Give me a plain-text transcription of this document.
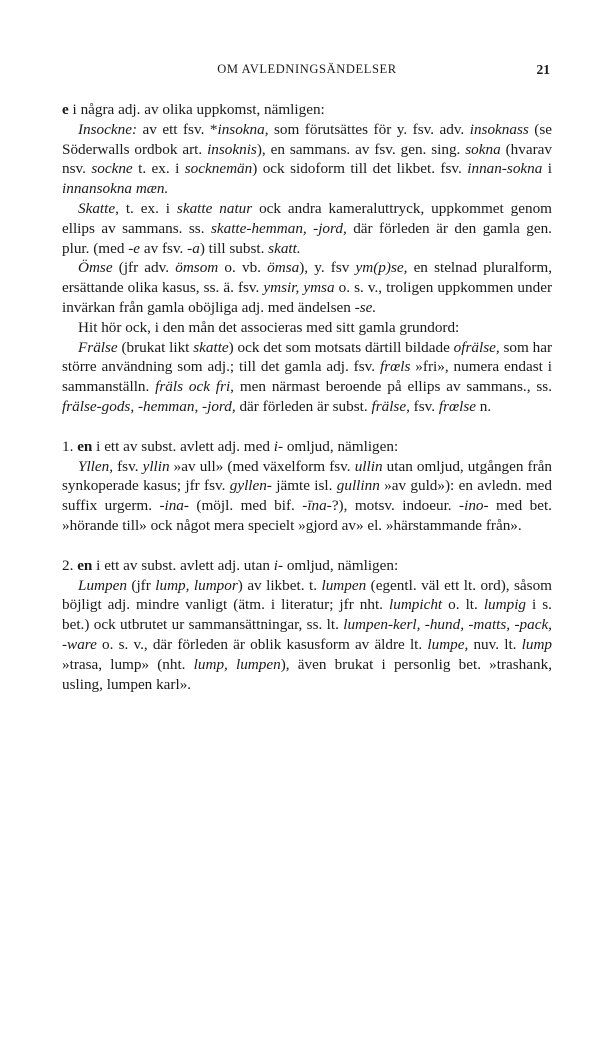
OM AVLEDNINGSÄNDELSER	21

e i några adj. av olika uppkomst, nämligen:

Insockne: av ett fsv. *insokna, som förutsättes för y. fsv. adv. insoknass (se Söderwalls ordbok art. insoknis), en sammans. av fsv. gen. sing. sokna (hvarav nsv. sockne t. ex. i socknemän) ock sidoform till det likbet. fsv. innan-sokna i innansokna mæn.

Skatte, t. ex. i skatte natur ock andra kameraluttryck, uppkommet genom ellips av sammans. ss. skatte-hemman, -jord, där förleden är den gamla gen. plur. (med -e av fsv. -a) till subst. skatt.

Ömse (jfr adv. ömsom o. vb. ömsa), y. fsv ym(p)se, en stelnad pluralform, ersättande olika kasus, ss. ä. fsv. ymsir, ymsa o. s. v., troligen uppkommen under invärkan från gamla oböjliga adj. med ändelsen -se.

Hit hör ock, i den mån det associeras med sitt gamla grundord:

Frälse (brukat likt skatte) ock det som motsats därtill bildade ofrälse, som har större användning som adj.; till det gamla adj. fsv. frœls »fri», numera endast i sammanställn. fräls ock fri, men närmast beroende på ellips av sammans., ss. frälse-gods, -hemman, -jord, där förleden är subst. frälse, fsv. frœlse n.

1. en i ett av subst. avlett adj. med i- omljud, nämligen:

Yllen, fsv. yllin »av ull» (med växelform fsv. ullin utan omljud, utgången från synkoperade kasus; jfr fsv. gyllen- jämte isl. gullinn »av guld»): en avledn. med suffix urgerm. -ina- (möjl. med bif. -īna-?), motsv. indoeur. -ino- med bet. »hörande till» ock något mera specielt »gjord av» el. »härstammande från».

2. en i ett av subst. avlett adj. utan i- omljud, nämligen:

Lumpen (jfr lump, lumpor) av likbet. t. lumpen (egentl. väl ett lt. ord), såsom böjligt adj. mindre vanligt (ätm. i literatur; jfr nht. lumpicht o. lt. lumpig i s. bet.) ock utbrutet ur sammansättningar, ss. lt. lumpen-kerl, -hund, -matts, -pack, -ware o. s. v., där förleden är oblik kasusform av äldre lt. lumpe, nuv. lt. lump »trasa, lump» (nht. lump, lumpen), även brukat i personlig bet. »trashank, usling, lumpen karl».
